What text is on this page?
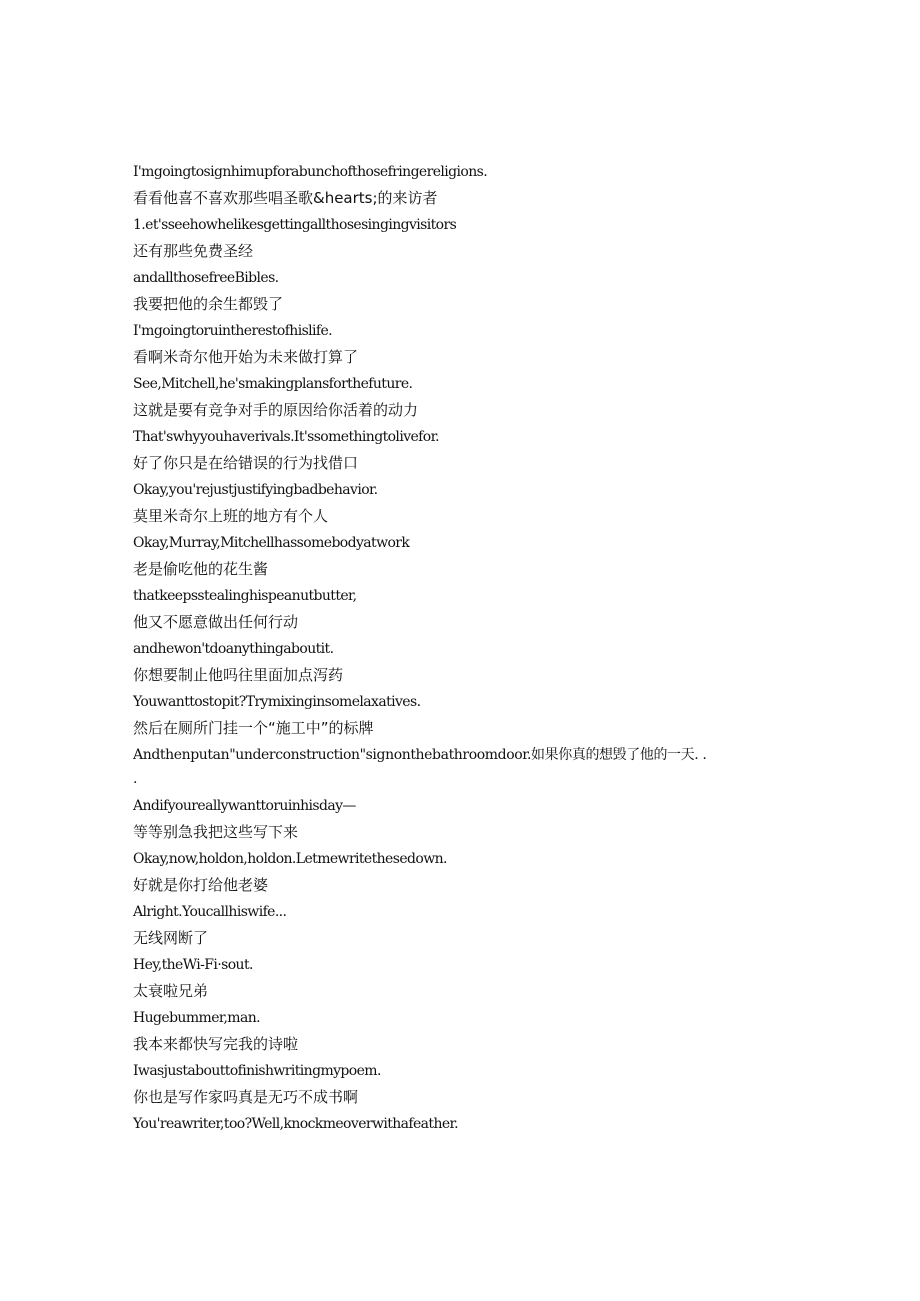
I'mgoingtosignhimupforabunchofthosefringereligions.

看看他喜不喜欢那些唱圣歌&hearts;的来访者

1.et'sseehowhelikesgettingallthosesingingvisitors

还有那些免费圣经

andallthosefreeBibles.

我要把他的余生都毁了

I'mgoingtoruintherestofhislife.

看啊米奇尔他开始为未来做打算了

See,Mitchell,he'smakingplansforthefuture.

这就是要有竞争对手的原因给你活着的动力

That'swhyyouhaverivals.It'ssomethingtolivefor.

好了你只是在给错误的行为找借口

Okay,you'rejustjustifyingbadbehavior.

莫里米奇尔上班的地方有个人

Okay,Murray,Mitchellhassomebodyatwork

老是偷吃他的花生酱

thatkeepsstealinghispeanutbutter,

他又不愿意做出任何行动

andhewon'tdoanythingaboutit.

你想要制止他吗往里面加点泻药

Youwanttostopit?Trymixinginsomelaxatives.

然后在厕所门挂一个“施工中”的标牌

Andthenputan"underconstruction"signonthebathroomdoor.如果你真的想毁了他的一天. . .

Andifyoureallywanttoruinhisday—

等等别急我把这些写下来

Okay,now,holdon,holdon.Letmewritethesedown.

好就是你打给他老婆

Alright.Youcallhiswife...

无线网断了

Hey,theWi-Fi·sout.

太衰啦兄弟

Hugebummer,man.

我本来都快写完我的诗啦

Iwasjustabouttofinishwritingmypoem.

你也是写作家吗真是无巧不成书啊

You'reawriter,too?Well,knockmeoverwithafeather.
